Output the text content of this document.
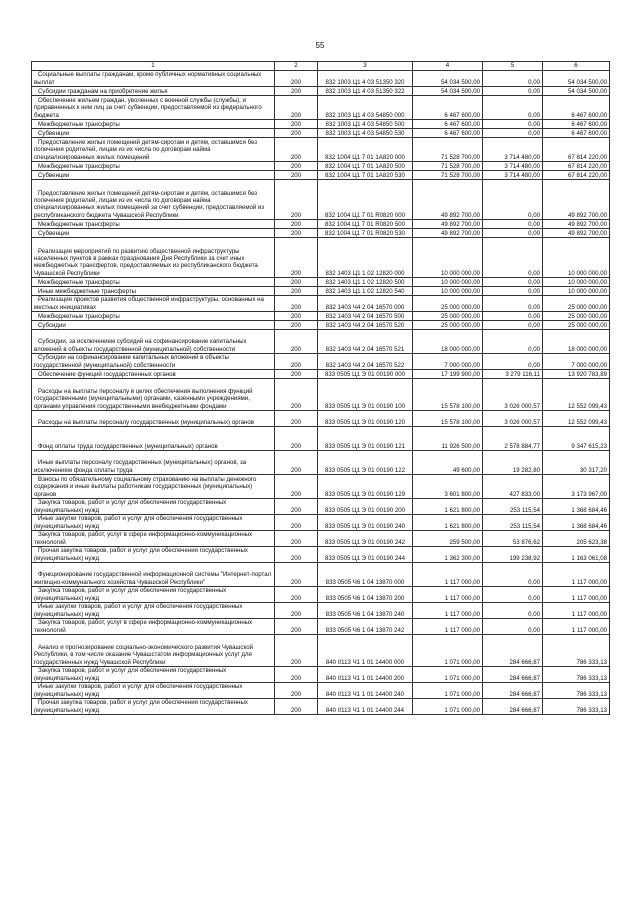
55
1	2	3	4	5	6
Социальные выплаты гражданам, кроме публичных нормативных социальных выплат	200	832 1003 Ц1 4 03 51350 320	54 034 500,00	0,00	54 034 500,00
Субсидии гражданам на приобретение жилья	200	832 1003 Ц1 4 03 51350 322	54 034 500,00	0,00	54 034 500,00
Обеспечение жильем граждан, уволенных с военной службы (службы), и приравненных к ним лиц за счет субвенции, предоставляемой из федерального бюджета	200	832 1003 Ц1 4 03 54850 000	6 467 600,00	0,00	6 467 600,00
Межбюджетные трансферты	200	832 1003 Ц1 4 03 54850 500	6 467 600,00	0,00	6 467 600,00
Субвенции	200	832 1003 Ц1 4 03 54850 530	6 467 600,00	0,00	6 467 600,00
Предоставление жилых помещений детям-сиротам и детям, оставшимся без попечения родителей, лицам из их числа по договорам найма специализированных жилых помещений	200	832 1004 Ц1 7 01 1А820 000	71 528 700,00	3 714 480,00	67 814 220,00
Межбюджетные трансферты	200	832 1004 Ц1 7 01 1А820 500	71 528 700,00	3 714 480,00	67 814 220,00
Субвенции	200	832 1004 Ц1 7 01 1А820 530	71 528 700,00	3 714 480,00	67 814 220,00
Предоставление жилых помещений детям-сиротам и детям, оставшимся без попечения родителей, лицам из их числа по договорам найма специализированных жилых помещений за счет субвенции, предоставляемой из республиканского бюджета Чувашской Республики	200	832 1004 Ц1 7 01 R0820 000	49 892 700,00	0,00	49 892 700,00
Межбюджетные трансферты	200	832 1004 Ц1 7 01 R0820 500	49 892 700,00	0,00	49 892 700,00
Субвенции	200	832 1004 Ц1 7 01 R0820 530	49 892 700,00	0,00	49 892 700,00
Реализация мероприятий по развитию общественной инфраструктуры населенных пунктов в рамках празднования Дня Республики за счет иных межбюджетных трансфертов, предоставляемых из республиканского бюджета Чувашской Республики	200	832 1403 Ц1 1 02 12820 000	10 000 000,00	0,00	10 000 000,00
Межбюджетные трансферты	200	832 1403 Ц1 1 02 12820 500	10 000 000,00	0,00	10 000 000,00
Иные межбюджетные трансферты	200	832 1403 Ц1 1 02 12820 540	10 000 000,00	0,00	10 000 000,00
Реализация проектов развития общественной инфраструктуры, основанных на местных инициативах	200	832 1403 Ч4 2 04 16570 000	25 000 000,00	0,00	25 000 000,00
Межбюджетные трансферты	200	832 1403 Ч4 2 04 16570 500	25 000 000,00	0,00	25 000 000,00
Субсидии	200	832 1403 Ч4 2 04 16570 520	25 000 000,00	0,00	25 000 000,00
Субсидии, за исключением субсидий на софинансирование капитальных вложений в объекты государственной (муниципальной) собственности	200	832 1403 Ч4 2 04 16570 521	18 000 000,00	0,00	18 000 000,00
Субсидии на софинансирование капитальных вложений в объекты государственной (муниципальной) собственности	200	832 1403 Ч4 2 04 16570 522	7 000 000,00	0,00	7 000 000,00
Обеспечение функций государственных органов	200	833 0505 Ц1 Э 01 00190 000	17 199 900,00	3 279 116,11	13 920 783,89
Расходы на выплаты персоналу в целях обеспечения выполнения функций государственными (муниципальными) органами, казенными учреждениями, органами управления государственными внебюджетными фондами	200	833 0505 Ц1 Э 01 00190 100	15 578 100,00	3 026 000,57	12 552 099,43
Расходы на выплаты персоналу государственных (муниципальных) органов	200	833 0505 Ц1 Э 01 00190 120	15 578 100,00	3 026 000,57	12 552 099,43
Фонд оплаты труда государственных (муниципальных) органов	200	833 0505 Ц1 Э 01 00190 121	11 926 500,00	2 578 884,77	9 347 615,23
Иные выплаты персоналу государственных (муниципальных) органов, за исключением фонда оплаты труда	200	833 0505 Ц1 Э 01 00190 122	49 600,00	19 282,80	30 317,20
Взносы по обязательному социальному страхованию на выплаты денежного содержания и иные выплаты работникам государственных (муниципальных) органов	200	833 0505 Ц1 Э 01 00190 129	3 601 800,00	427 833,00	3 173 967,00
Закупка товаров, работ и услуг для обеспечения государственных (муниципальных) нужд	200	833 0505 Ц1 Э 01 00190 200	1 621 800,00	253 115,54	1 368 684,46
Иные закупки товаров, работ и услуг для обеспечения государственных (муниципальных) нужд	200	833 0505 Ц1 Э 01 00190 240	1 621 800,00	253 115,54	1 368 684,46
Закупка товаров, работ, услуг в сфере информационно-коммуникационных технологий	200	833 0505 Ц1 Э 01 00190 242	259 500,00	53 876,62	205 623,38
Прочая закупка товаров, работ и услуг для обеспечения государственных (муниципальных) нужд	200	833 0505 Ц1 Э 01 00190 244	1 362 300,00	199 238,92	1 163 061,08
Функционирование государственной информационной системы "Интернет-портал жилищно-коммунального хозяйства Чувашской Республики"	200	833 0505 Ч6 1 04 13870 000	1 117 000,00	0,00	1 117 000,00
Закупка товаров, работ и услуг для обеспечения государственных (муниципальных) нужд	200	833 0505 Ч6 1 04 13870 200	1 117 000,00	0,00	1 117 000,00
Иные закупки товаров, работ и услуг для обеспечения государственных (муниципальных) нужд	200	833 0505 Ч6 1 04 13870 240	1 117 000,00	0,00	1 117 000,00
Закупка товаров, работ, услуг в сфере информационно-коммуникационных технологий	200	833 0505 Ч6 1 04 13870 242	1 117 000,00	0,00	1 117 000,00
Анализ и прогнозирование социально-экономического развития Чувашской Республики, в том числе оказание Чувашстатом информационных услуг для государственных нужд Чувашской Республики	200	840 0113 Ч1 1 01 14400 000	1 071 000,00	284 666,87	786 333,13
Закупка товаров, работ и услуг для обеспечения государственных (муниципальных) нужд	200	840 0113 Ч1 1 01 14400 200	1 071 000,00	284 666,87	786 333,13
Иные закупки товаров, работ и услуг для обеспечения государственных (муниципальных) нужд	200	840 0113 Ч1 1 01 14400 240	1 071 000,00	284 666,87	786 333,13
Прочая закупка товаров, работ и услуг для обеспечения государственных (муниципальных) нужд	200	840 0113 Ч1 1 01 14400 244	1 071 000,00	284 666,87	786 333,13
